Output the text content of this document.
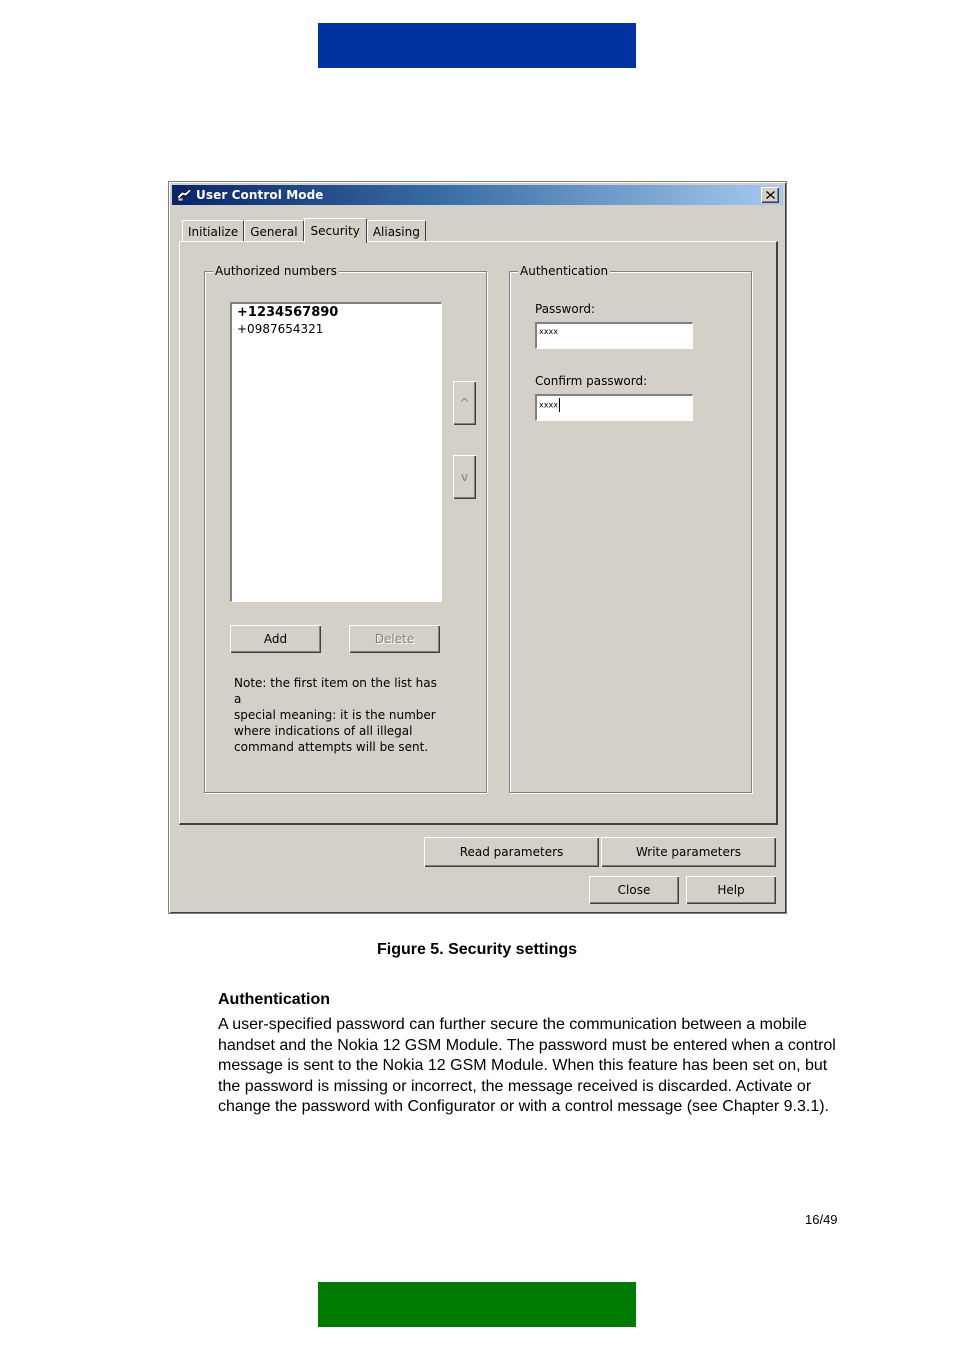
User Control Mode
Initialize	General	Security	Aliasing
Authorized numbers
+1234567890
+0987654321
^
v
Add	Delete
Note: the first item on the list has a
special meaning: it is the number
where indications of all illegal
command attempts will be sent.
Authentication
Password:
xxxx
Confirm password:
xxxx
Read parameters	Write parameters
Close	Help
Figure 5. Security settings
Authentication
A user-specified password can further secure the communication between a mobile handset and the Nokia 12 GSM Module. The password must be entered when a control message is sent to the Nokia 12 GSM Module. When this feature has been set on, but the password is missing or incorrect, the message received is discarded. Activate or change the password with Configurator or with a control message (see Chapter 9.3.1).
16/49
